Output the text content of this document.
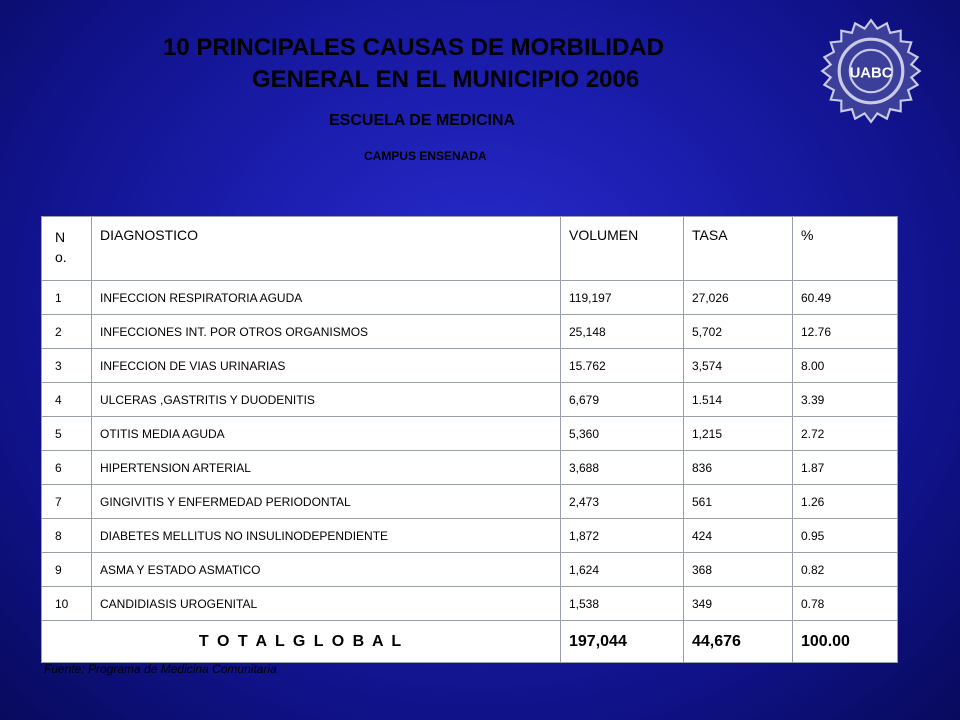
10 PRINCIPALES CAUSAS DE MORBILIDAD
GENERAL EN EL MUNICIPIO 2006
ESCUELA DE MEDICINA
CAMPUS ENSENADA
UABC
No.	DIAGNOSTICO	VOLUMEN	TASA	%
1	INFECCION RESPIRATORIA AGUDA	119,197	27,026	60.49
2	INFECCIONES INT. POR OTROS ORGANISMOS	25,148	5,702	12.76
3	INFECCION DE VIAS URINARIAS	15.762	3,574	8.00
4	ULCERAS ,GASTRITIS Y DUODENITIS	6,679	1.514	3.39
5	OTITIS MEDIA AGUDA	5,360	1,215	2.72
6	HIPERTENSION ARTERIAL	3,688	836	1.87
7	GINGIVITIS Y ENFERMEDAD PERIODONTAL	2,473	561	1.26
8	DIABETES MELLITUS NO INSULINODEPENDIENTE	1,872	424	0.95
9	ASMA Y ESTADO ASMATICO	1,624	368	0.82
10	CANDIDIASIS UROGENITAL	1,538	349	0.78
T O T A L G L O B A L		197,044	44,676	100.00
Fuente: Programa de Medicina Comunitaria
